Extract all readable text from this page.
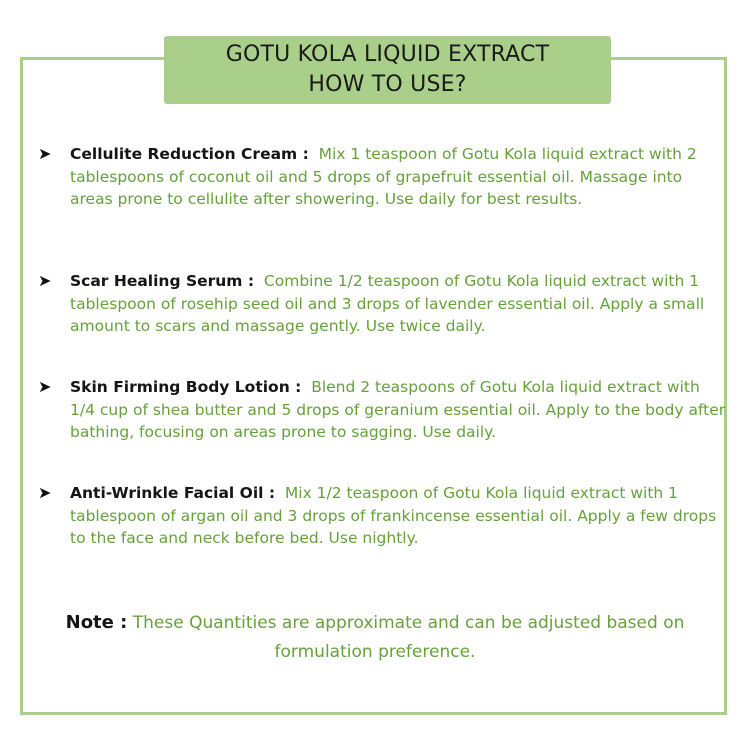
GOTU KOLA LIQUID EXTRACT
HOW TO USE?
➤ Cellulite Reduction Cream : Mix 1 teaspoon of Gotu Kola liquid extract with 2 tablespoons of coconut oil and 5 drops of grapefruit essential oil. Massage into areas prone to cellulite after showering. Use daily for best results.
➤ Scar Healing Serum : Combine 1/2 teaspoon of Gotu Kola liquid extract with 1 tablespoon of rosehip seed oil and 3 drops of lavender essential oil. Apply a small amount to scars and massage gently. Use twice daily.
➤ Skin Firming Body Lotion : Blend 2 teaspoons of Gotu Kola liquid extract with 1/4 cup of shea butter and 5 drops of geranium essential oil. Apply to the body after bathing, focusing on areas prone to sagging. Use daily.
➤ Anti-Wrinkle Facial Oil : Mix 1/2 teaspoon of Gotu Kola liquid extract with 1 tablespoon of argan oil and 3 drops of frankincense essential oil. Apply a few drops to the face and neck before bed. Use nightly.
Note : These Quantities are approximate and can be adjusted based on formulation preference.
